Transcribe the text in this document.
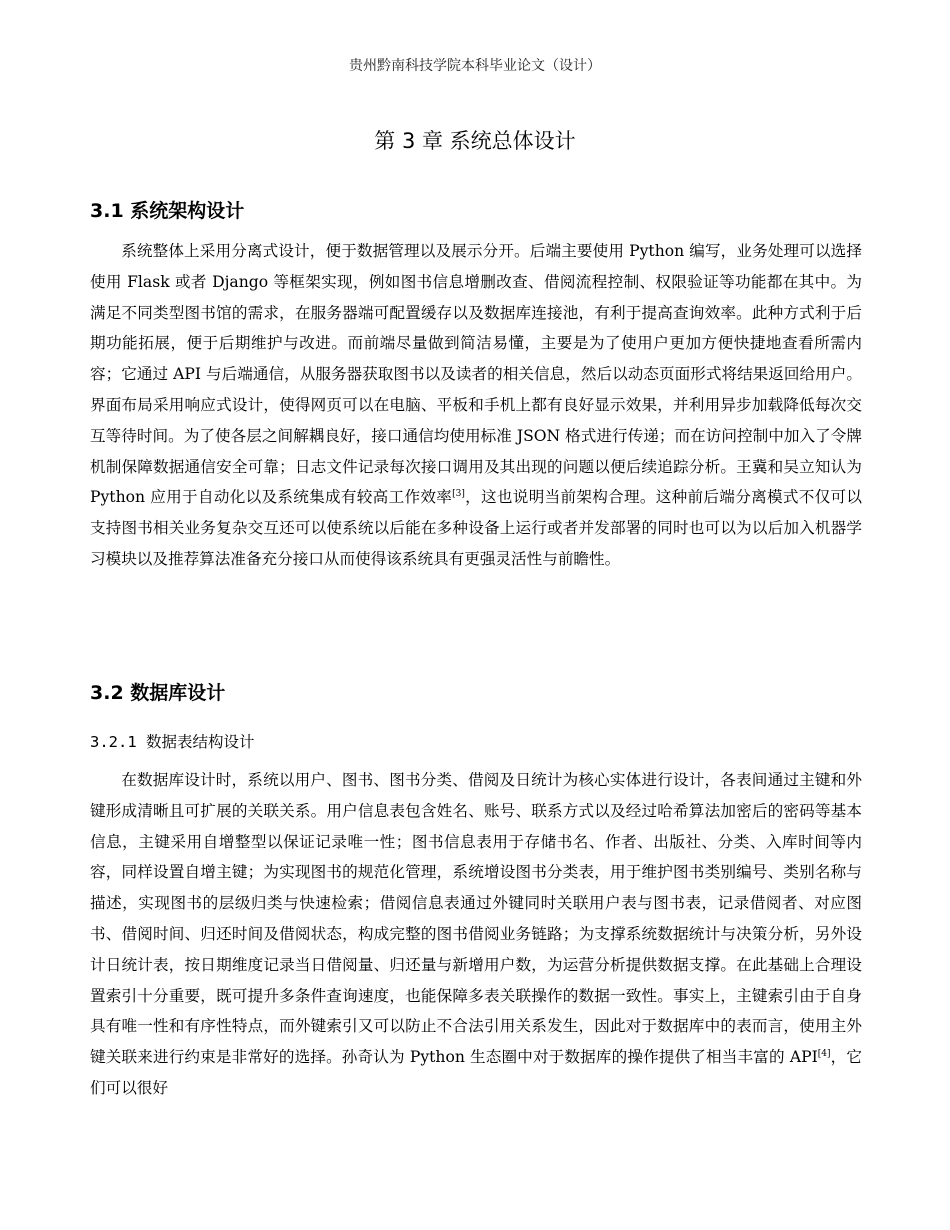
贵州黔南科技学院本科毕业论文（设计）
第 3 章 系统总体设计
3.1 系统架构设计

系统整体上采用分离式设计，便于数据管理以及展示分开。后端主要使用 Python 编写，业务处理可以选择使用 Flask 或者 Django 等框架实现，例如图书信息增删改查、借阅流程控制、权限验证等功能都在其中。为满足不同类型图书馆的需求，在服务器端可配置缓存以及数据库连接池，有利于提高查询效率。此种方式利于后期功能拓展，便于后期维护与改进。而前端尽量做到简洁易懂，主要是为了使用户更加方便快捷地查看所需内容；它通过 API 与后端通信，从服务器获取图书以及读者的相关信息，然后以动态页面形式将结果返回给用户。界面布局采用响应式设计，使得网页可以在电脑、平板和手机上都有良好显示效果，并利用异步加载降低每次交互等待时间。为了使各层之间解耦良好，接口通信均使用标准 JSON 格式进行传递；而在访问控制中加入了令牌机制保障数据通信安全可靠；日志文件记录每次接口调用及其出现的问题以便后续追踪分析。王冀和吴立知认为 Python 应用于自动化以及系统集成有较高工作效率[3]，这也说明当前架构合理。这种前后端分离模式不仅可以支持图书相关业务复杂交互还可以使系统以后能在多种设备上运行或者并发部署的同时也可以为以后加入机器学习模块以及推荐算法准备充分接口从而使得该系统具有更强灵活性与前瞻性。

3.2 数据库设计
3.2.1 数据表结构设计

在数据库设计时，系统以用户、图书、图书分类、借阅及日统计为核心实体进行设计，各表间通过主键和外键形成清晰且可扩展的关联关系。用户信息表包含姓名、账号、联系方式以及经过哈希算法加密后的密码等基本信息，主键采用自增整型以保证记录唯一性；图书信息表用于存储书名、作者、出版社、分类、入库时间等内容，同样设置自增主键；为实现图书的规范化管理，系统增设图书分类表，用于维护图书类别编号、类别名称与描述，实现图书的层级归类与快速检索；借阅信息表通过外键同时关联用户表与图书表，记录借阅者、对应图书、借阅时间、归还时间及借阅状态，构成完整的图书借阅业务链路；为支撑系统数据统计与决策分析，另外设计日统计表，按日期维度记录当日借阅量、归还量与新增用户数，为运营分析提供数据支撑。在此基础上合理设置索引十分重要，既可提升多条件查询速度，也能保障多表关联操作的数据一致性。事实上，主键索引由于自身具有唯一性和有序性特点，而外键索引又可以防止不合法引用关系发生，因此对于数据库中的表而言，使用主外键关联来进行约束是非常好的选择。孙奇认为 Python 生态圈中对于数据库的操作提供了相当丰富的 API[4]，它们可以很好
